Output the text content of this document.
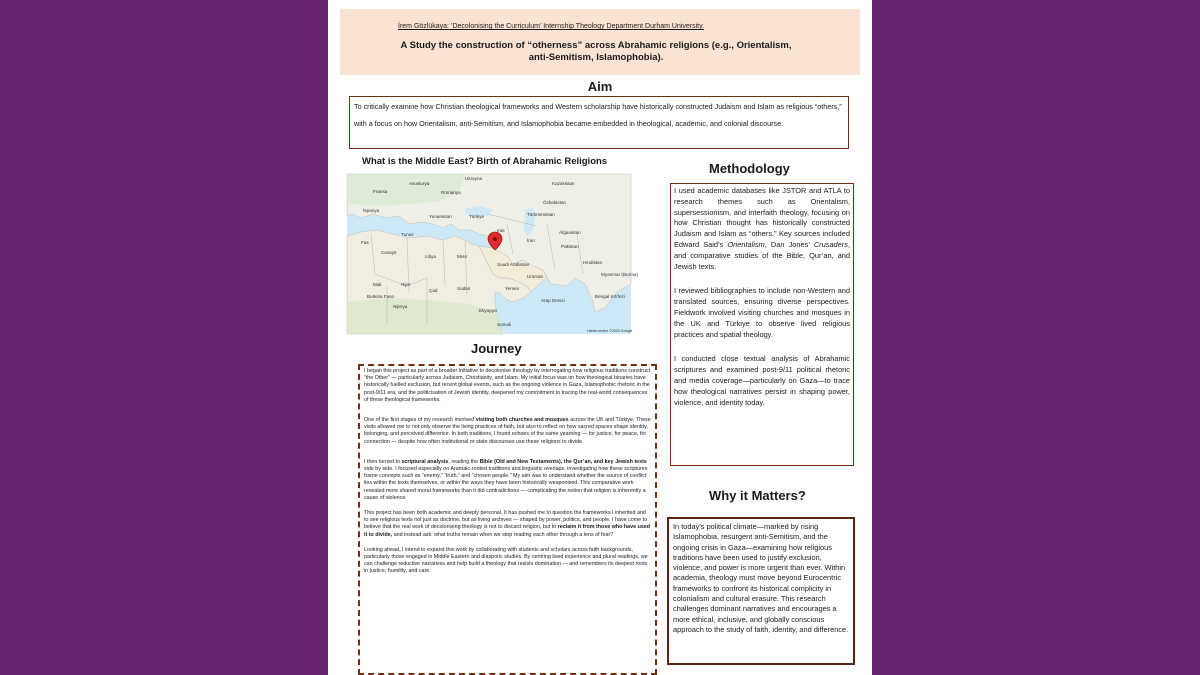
İrem Gözlükaya: ‘Decolonising the Curriculum’ Internship Theology Department Durham University.
A Study the construction of “otherness” across Abrahamic religions (e.g., Orientalism, anti-Semitism, Islamophobia).
Aim
To critically examine how Christian theological frameworks and Western scholarship have historically constructed Judaism and Islam as religious “others,” with a focus on how Orientalism, anti-Semitism, and Islamophobia became embedded in theological, academic, and colonial discourse.
What is the Middle East? Birth of Abrahamic Religions
Ukrayna
Avusturya
Romanya
Kazakistan
Fransa
İspanya
Özbekistan
Türkmenistan
Yunanistan	Türkiye
Tunus
Irak
İran
Afganistan
Pakistan
Fas
Cezayir
Libya	Mısır
Suudi Arabistan	Hindistan
Umman
Mali	Nijer
Çad	Sudan	Yemen
Arap Denizi
Bengal Körfezi
Burkina Faso
Nijerya
Etiyopya
Somali
Myanmar (Burma)
Harita verileri ©2025 Google
Methodology

I used academic databases like JSTOR and ATLA to research themes such as Orientalism, supersessionism, and interfaith theology, focusing on how Christian thought has historically constructed Judaism and Islam as “others.” Key sources included Edward Said’s Orientalism, Dan Jones’ Crusaders, and comparative studies of the Bible, Qur’an, and Jewish texts.

I reviewed bibliographies to include non-Western and translated sources, ensuring diverse perspectives. Fieldwork involved visiting churches and mosques in the UK and Türkiye to observe lived religious practices and spatial theology.

I conducted close textual analysis of Abrahamic scriptures and examined post-9/11 political rhetoric and media coverage—particularly on Gaza—to trace how theological narratives persist in shaping power, violence, and identity today.

Journey

I began this project as part of a broader initiative to decolonise theology by interrogating how religious traditions construct “the Other” — particularly across Judaism, Christianity, and Islam. My initial focus was on how theological binaries have historically fuelled exclusion, but recent global events, such as the ongoing violence in Gaza, Islamophobic rhetoric in the post-9/11 era, and the politicisation of Jewish identity, deepened my commitment to tracing the real-world consequences of these theological frameworks.

One of the first stages of my research involved visiting both churches and mosques across the UK and Türkiye. These visits allowed me to not only observe the living practices of faith, but also to reflect on how sacred spaces shape identity, belonging, and perceived difference. In both traditions, I found echoes of the same yearning — for justice, for peace, for connection — despite how often institutional or state discourses use these religions to divide.

I then turned to scriptural analysis, reading the Bible (Old and New Testaments), the Qur’an, and key Jewish texts side by side. I focused especially on Aramaic-rooted traditions and linguistic overlaps, investigating how these scriptures frame concepts such as “enemy,” “truth,” and “chosen people.” My aim was to understand whether the source of conflict lies within the texts themselves, or within the ways they have been historically weaponised. This comparative work revealed more shared moral frameworks than it did contradictions — complicating the notion that religion is inherently a cause of violence.

This project has been both academic and deeply personal. It has pushed me to question the frameworks I inherited and to see religious texts not just as doctrine, but as living archives — shaped by power, politics, and people. I have come to believe that the real work of decolonising theology is not to discard religion, but to reclaim it from those who have used it to divide, and instead ask: what truths remain when we stop reading each other through a lens of fear?

Looking ahead, I intend to expand this work by collaborating with students and scholars across faith backgrounds, particularly those engaged in Middle Eastern and diasporic studies. By centring lived experience and plural readings, we can challenge reductive narratives and help build a theology that resists domination — and remembers its deepest roots in justice, humility, and care.

Why it Matters?
In today’s political climate—marked by rising Islamophobia, resurgent anti-Semitism, and the ongoing crisis in Gaza—examining how religious traditions have been used to justify exclusion, violence, and power is more urgent than ever. Within academia, theology must move beyond Eurocentric frameworks to confront its historical complicity in colonialism and cultural erasure. This research challenges dominant narratives and encourages a more ethical, inclusive, and globally conscious approach to the study of faith, identity, and difference.
